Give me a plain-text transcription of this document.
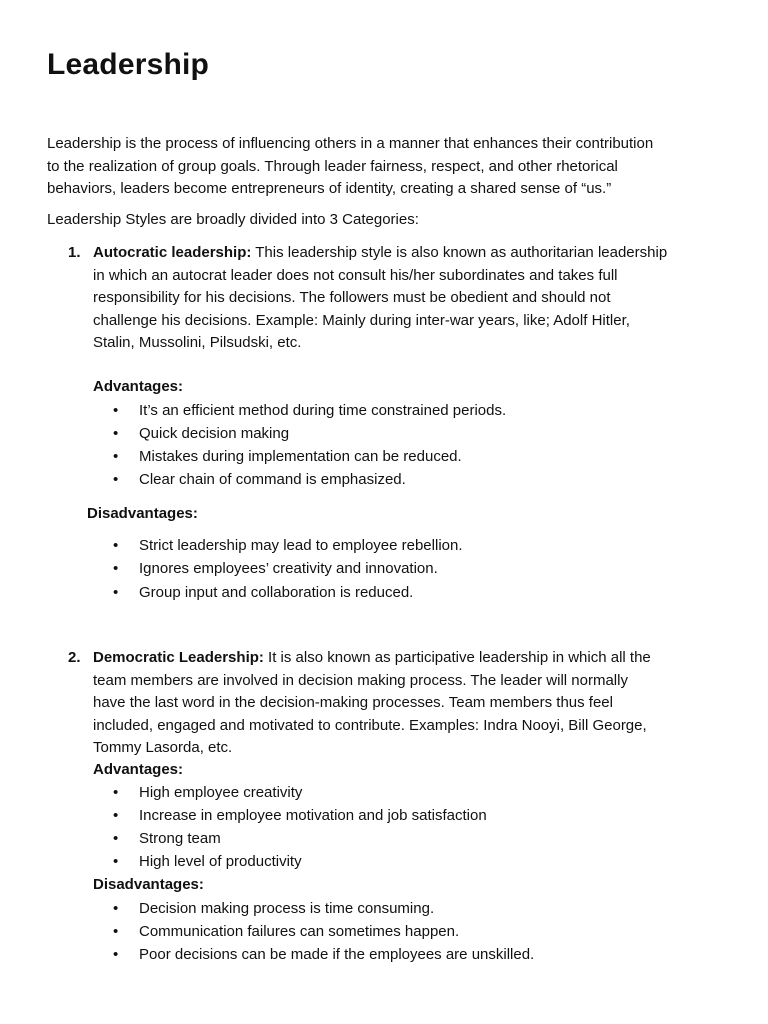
Leadership
Leadership is the process of influencing others in a manner that enhances their contribution
to the realization of group goals. Through leader fairness, respect, and other rhetorical
behaviors, leaders become entrepreneurs of identity, creating a shared sense of “us.”
Leadership Styles are broadly divided into 3 Categories:
1. Autocratic leadership: This leadership style is also known as authoritarian leadership
in which an autocrat leader does not consult his/her subordinates and takes full
responsibility for his decisions. The followers must be obedient and should not
challenge his decisions. Example: Mainly during inter-war years, like; Adolf Hitler,
Stalin, Mussolini, Pilsudski, etc.
Advantages:
•
It’s an efficient method during time constrained periods.
•
Quick decision making
•
Mistakes during implementation can be reduced.
•
Clear chain of command is emphasized.
Disadvantages:
•
Strict leadership may lead to employee rebellion.
•
Ignores employees’ creativity and innovation.
•
Group input and collaboration is reduced.
2. Democratic Leadership: It is also known as participative leadership in which all the
team members are involved in decision making process. The leader will normally
have the last word in the decision-making processes. Team members thus feel
included, engaged and motivated to contribute. Examples: Indra Nooyi, Bill George,
Tommy Lasorda, etc.
Advantages:
•
High employee creativity
•
Increase in employee motivation and job satisfaction
•
Strong team
•
High level of productivity
Disadvantages:
•
Decision making process is time consuming.
•
Communication failures can sometimes happen.
•
Poor decisions can be made if the employees are unskilled.
